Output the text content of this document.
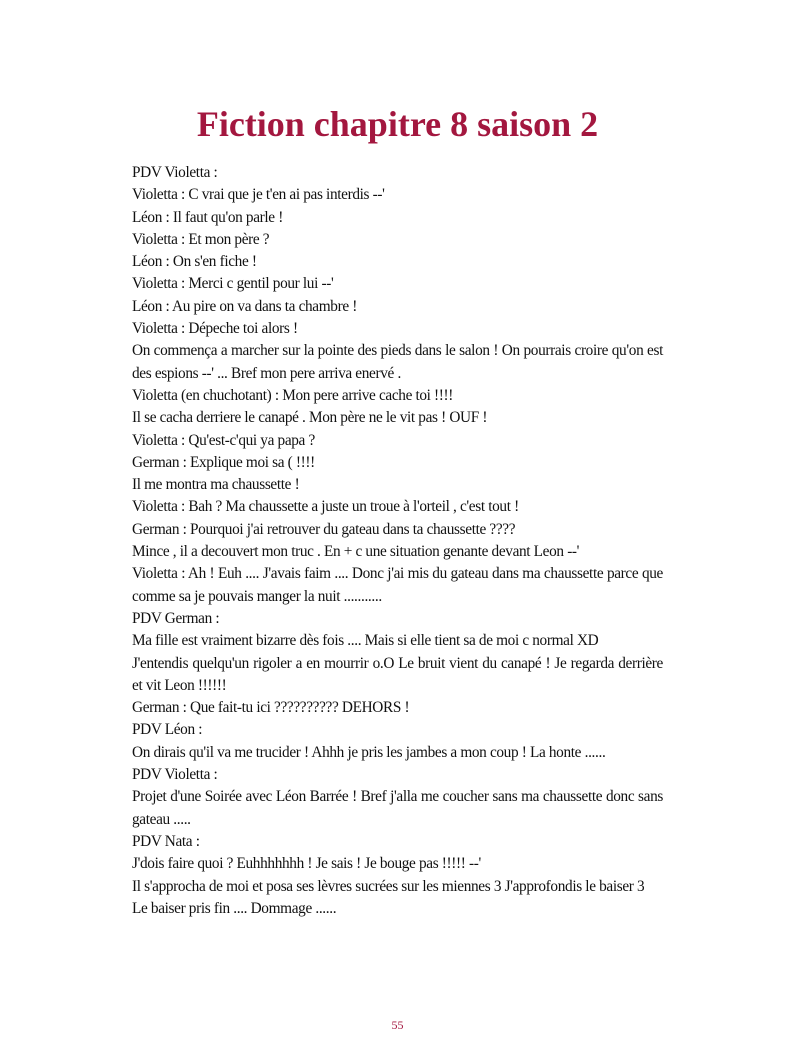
Fiction chapitre 8 saison 2
PDV Violetta :
Violetta : C vrai que je t'en ai pas interdis --'
Léon : Il faut qu'on parle !
Violetta : Et mon père ?
Léon : On s'en fiche !
Violetta : Merci c gentil pour lui --'
Léon : Au pire on va dans ta chambre !
Violetta : Dépeche toi alors !
On commença a marcher sur la pointe des pieds dans le salon ! On pourrais croire qu'on est des espions --' ... Bref mon pere arriva enervé .
Violetta (en chuchotant) : Mon pere arrive cache toi !!!!
Il se cacha derriere le canapé . Mon père ne le vit pas ! OUF !
Violetta : Qu'est-c'qui ya papa ?
German : Explique moi sa ( !!!!
Il me montra ma chaussette !
Violetta : Bah ? Ma chaussette a juste un troue à l'orteil , c'est tout !
German : Pourquoi j'ai retrouver du gateau dans ta chaussette ????
Mince , il a decouvert mon truc . En + c une situation genante devant Leon --'
Violetta : Ah ! Euh .... J'avais faim .... Donc j'ai mis du gateau dans ma chaussette parce que comme sa je pouvais manger la nuit ...........
PDV German :
Ma fille est vraiment bizarre dès fois .... Mais si elle tient sa de moi c normal XD
J'entendis quelqu'un rigoler a en mourrir o.O Le bruit vient du canapé ! Je regarda derrière et vit Leon !!!!!!
German : Que fait-tu ici ?????????? DEHORS !
PDV Léon :
On dirais qu'il va me trucider ! Ahhh je pris les jambes a mon coup ! La honte ......
PDV Violetta :
Projet d'une Soirée avec Léon Barrée ! Bref j'alla me coucher sans ma chaussette donc sans gateau .....
PDV Nata :
J'dois faire quoi ? Euhhhhhhh ! Je sais ! Je bouge pas !!!!! --'
Il s'approcha de moi et posa ses lèvres sucrées sur les miennes 3 J'approfondis le baiser 3
Le baiser pris fin .... Dommage ......
55
